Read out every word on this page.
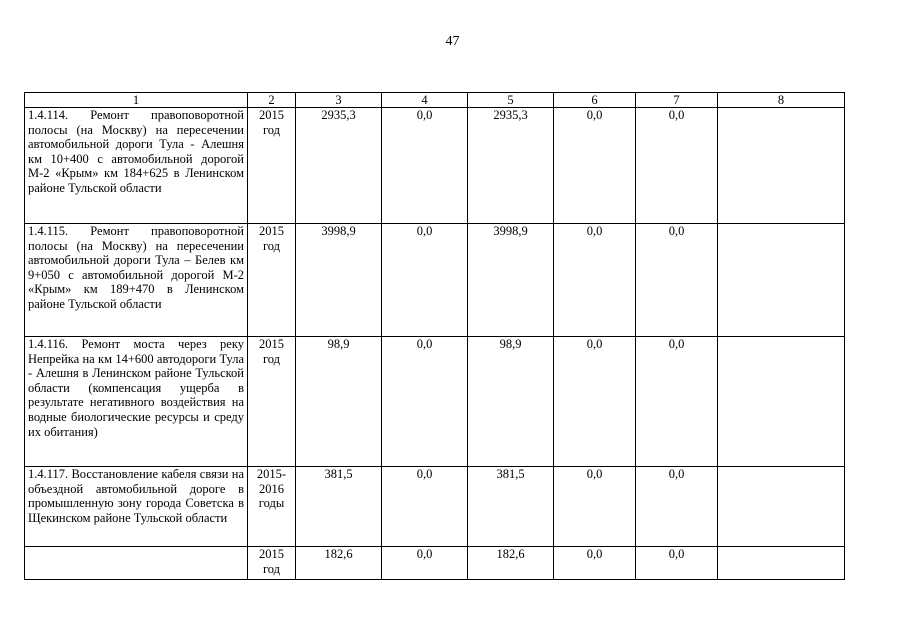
47
1	2	3	4	5	6	7	8
1.4.114. Ремонт правоповоротной полосы (на Москву) на пересечении автомобильной дороги Тула - Алешня км 10+400 с автомобильной дорогой М-2 «Крым» км 184+625 в Ленинском районе Тульской области	2015 год	2935,3	0,0	2935,3	0,0	0,0	
1.4.115. Ремонт правоповоротной полосы (на Москву) на пересечении автомобильной дороги Тула – Белев км 9+050 с автомобильной дорогой М-2 «Крым» км 189+470 в Ленинском районе Тульской области	2015 год	3998,9	0,0	3998,9	0,0	0,0	
1.4.116. Ремонт моста через реку Непрейка на км 14+600 автодороги Тула - Алешня в Ленинском районе Тульской области (компенсация ущерба в результате негативного воздействия на водные биологические ресурсы и среду их обитания)	2015 год	98,9	0,0	98,9	0,0	0,0	
1.4.117. Восстановление кабеля связи на объездной автомобильной дороге в промышленную зону города Советска в Щекинском районе Тульской области	2015-2016 годы	381,5	0,0	381,5	0,0	0,0	
	2015 год	182,6	0,0	182,6	0,0	0,0	
